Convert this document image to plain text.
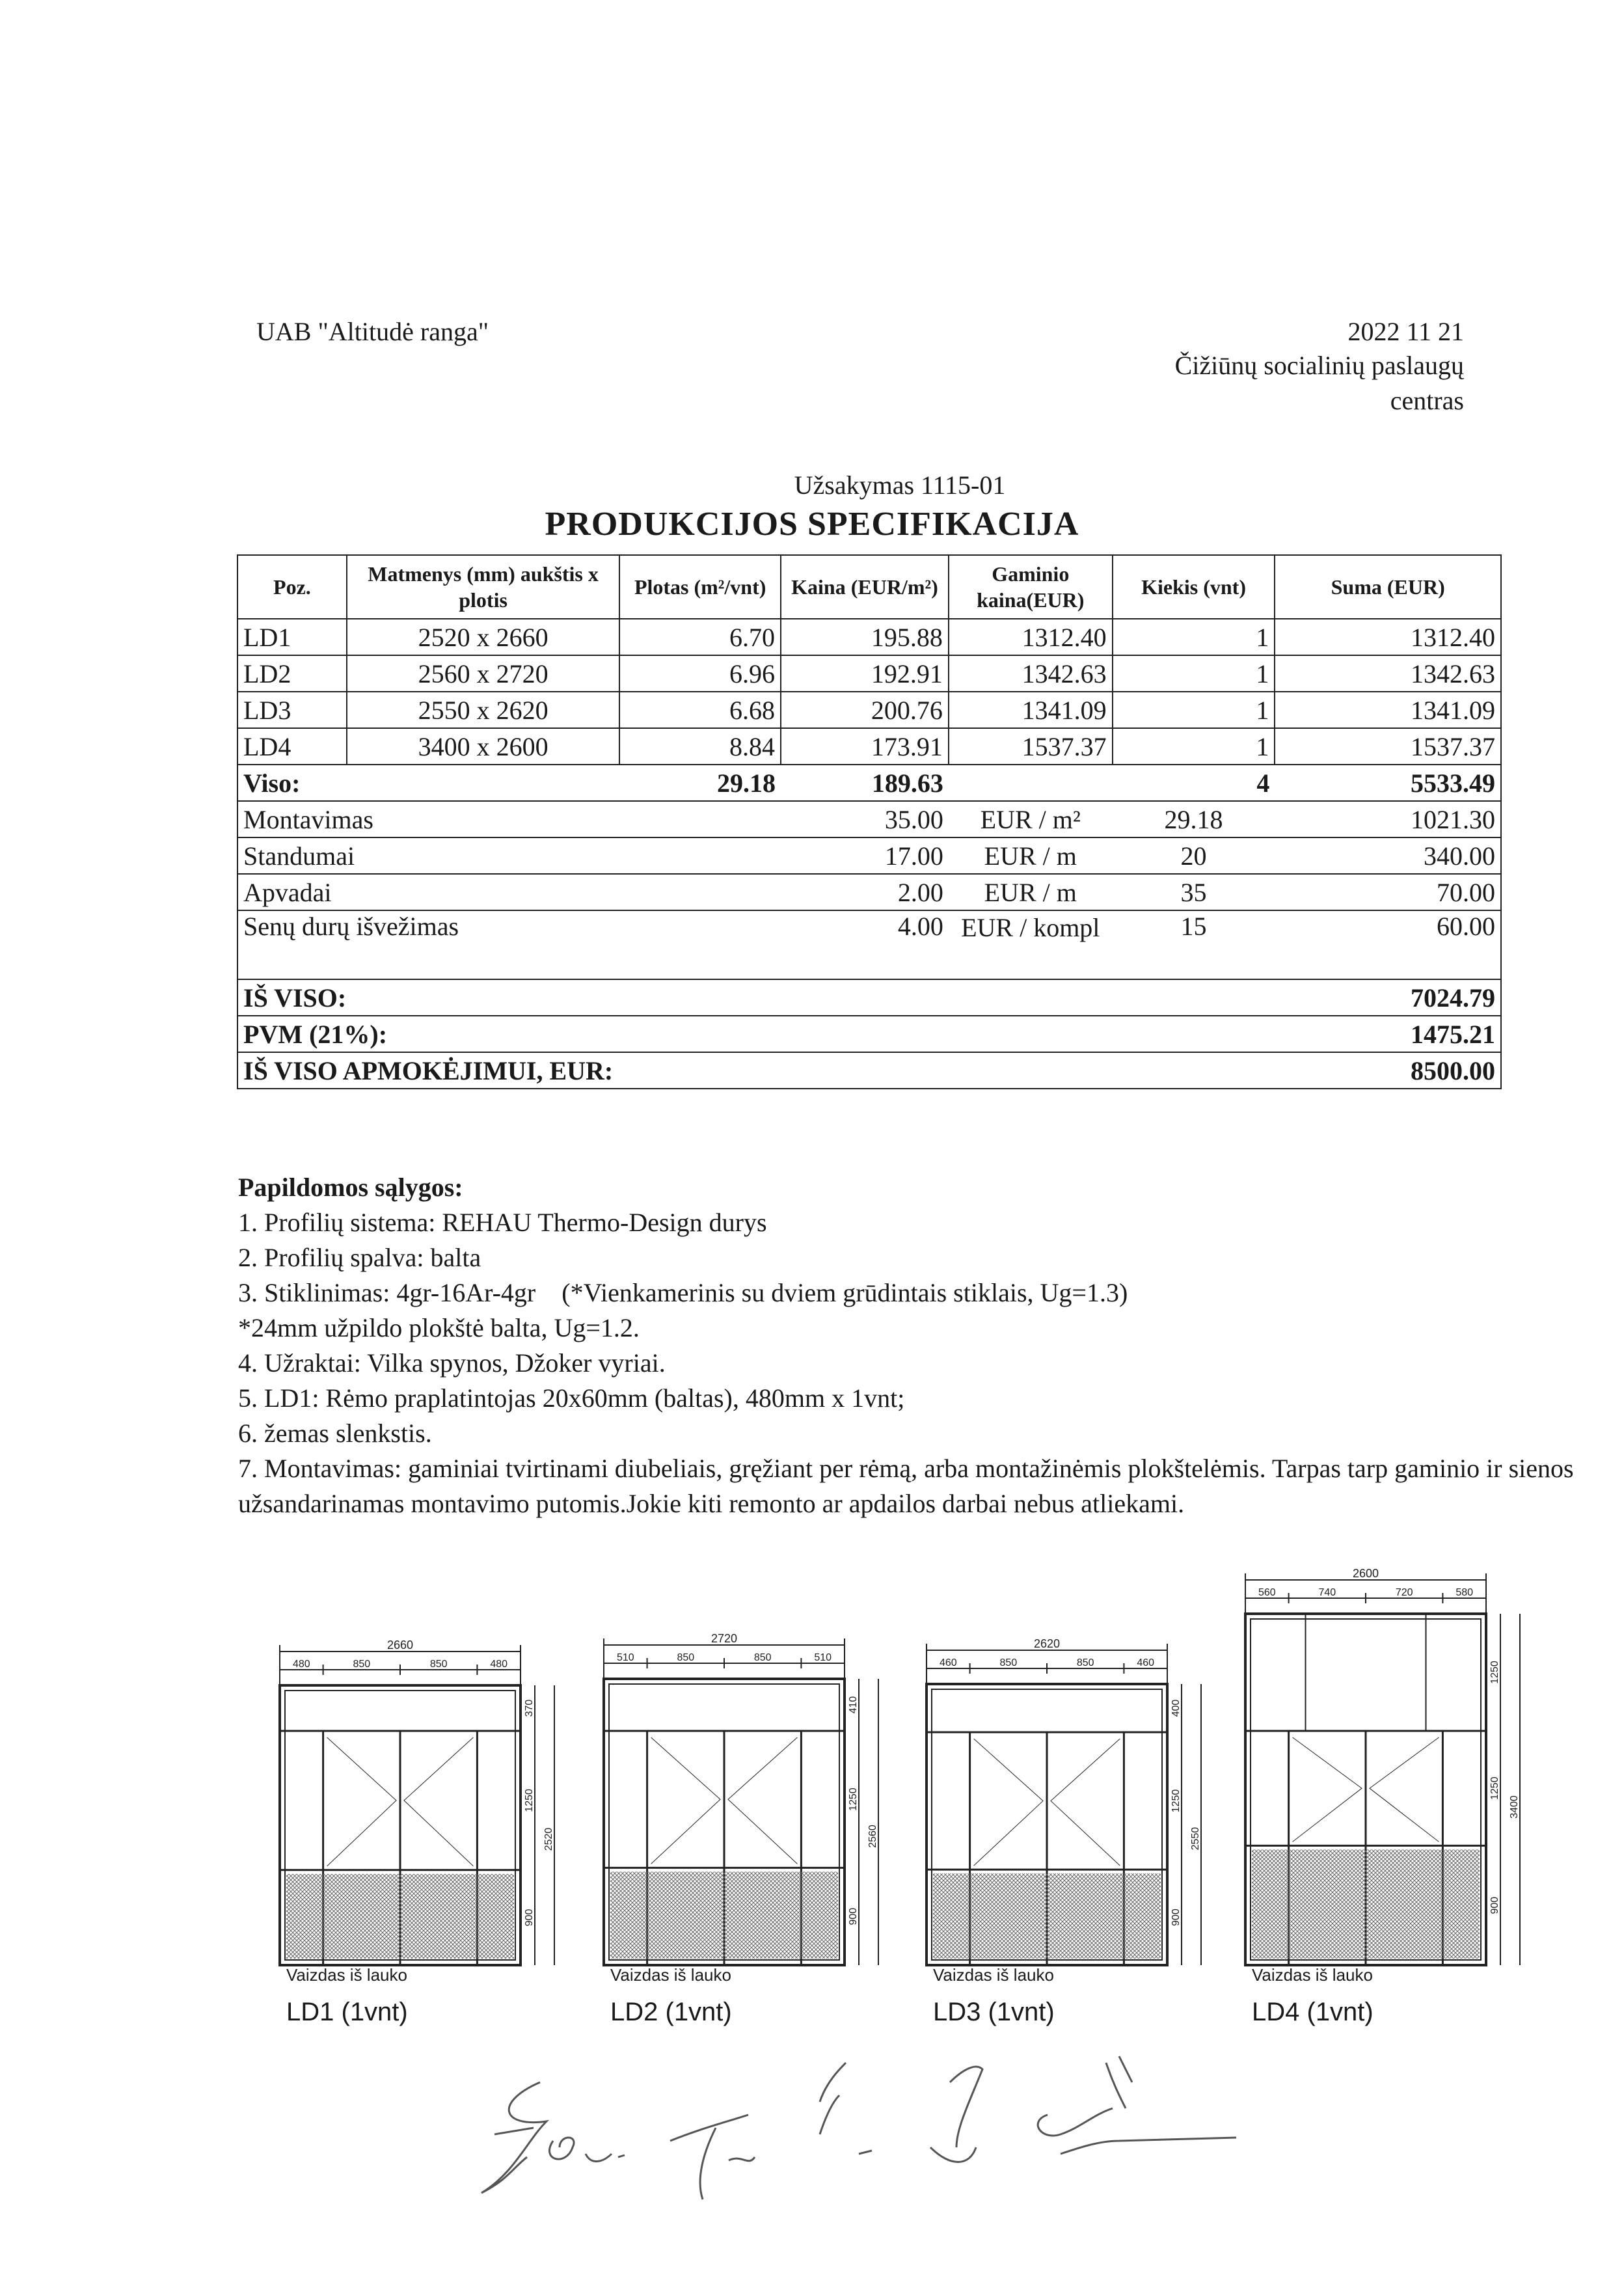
UAB "Altitudė ranga"	2022 11 21
Čižiūnų socialinių paslaugų
centras
Užsakymas 1115-01
PRODUKCIJOS SPECIFIKACIJA
Poz.	Matmenys (mm) aukštis x plotis	Plotas (m²/vnt)	Kaina (EUR/m²)	Gaminio kaina(EUR)	Kiekis (vnt)	Suma (EUR)
LD1	2520 x 2660	6.70	195.88	1312.40	1	1312.40
LD2	2560 x 2720	6.96	192.91	1342.63	1	1342.63
LD3	2550 x 2620	6.68	200.76	1341.09	1	1341.09
LD4	3400 x 2600	8.84	173.91	1537.37	1	1537.37
Viso:		29.18	189.63		4	5533.49
Montavimas			35.00	EUR / m²	29.18	1021.30
Standumai			17.00	EUR / m	20	340.00
Apvadai			2.00	EUR / m	35	70.00
Senų durų išvežimas			4.00	EUR / kompl	15	60.00
IŠ VISO:						7024.79
PVM (21%):						1475.21
IŠ VISO APMOKĖJIMUI, EUR:						8500.00
Papildomos sąlygos:
1. Profilių sistema: REHAU Thermo-Design durys
2. Profilių spalva: balta
3. Stiklinimas: 4gr-16Ar-4gr    (*Vienkamerinis su dviem grūdintais stiklais, Ug=1.3)
*24mm užpildo plokštė balta, Ug=1.2.
4. Užraktai: Vilka spynos, Džoker vyriai.
5. LD1: Rėmo praplatintojas 20x60mm (baltas), 480mm x 1vnt;
6. žemas slenkstis.
7. Montavimas: gaminiai tvirtinami diubeliais, gręžiant per rėmą, arba montažinėmis plokštelėmis. Tarpas tarp gaminio ir sienos užsandarinamas montavimo putomis.Jokie kiti remonto ar apdailos darbai nebus atliekami.
2660
480	850	850	480
370
1250
900
2520
Vaizdas iš lauko
LD1 (1vnt)
2720
510	850	850	510
410
1250
900
2560
Vaizdas iš lauko
LD2 (1vnt)
2620
460	850	850	460
400
1250
900
2550
Vaizdas iš lauko
LD3 (1vnt)
2600
560	740	720	580
1250
1250
900
3400
Vaizdas iš lauko
LD4 (1vnt)
